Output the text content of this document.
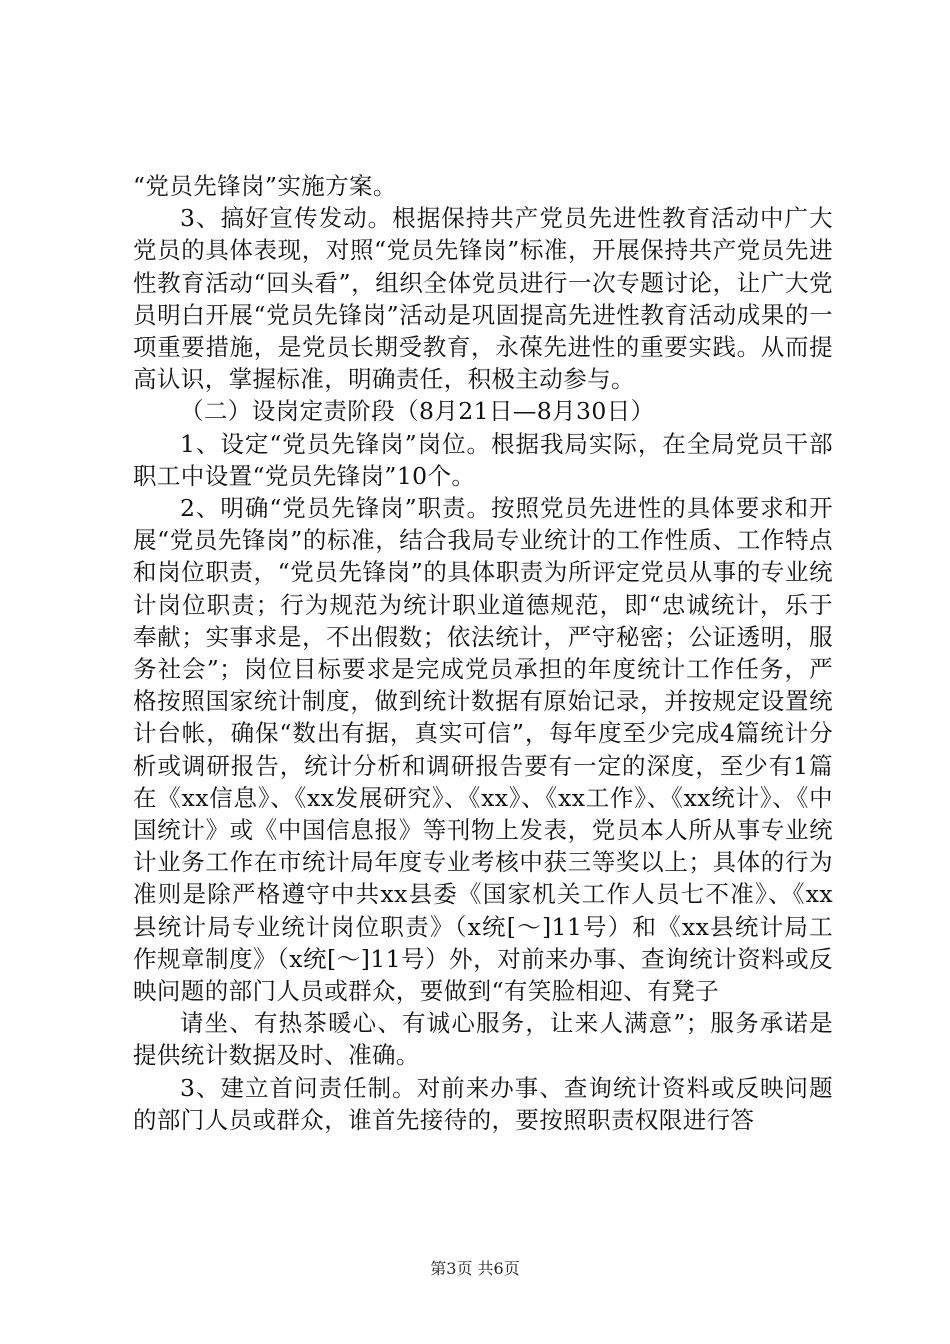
“党员先锋岗”实施方案。

3、搞好宣传发动。根据保持共产党员先进性教育活动中广大党员的具体表现，对照“党员先锋岗”标准，开展保持共产党员先进性教育活动“回头看”，组织全体党员进行一次专题讨论，让广大党员明白开展“党员先锋岗”活动是巩固提高先进性教育活动成果的一项重要措施，是党员长期受教育，永葆先进性的重要实践。从而提高认识，掌握标准，明确责任，积极主动参与。

（二）设岗定责阶段（8月21日—8月30日）

1、设定“党员先锋岗”岗位。根据我局实际，在全局党员干部职工中设置“党员先锋岗”10个。

2、明确“党员先锋岗”职责。按照党员先进性的具体要求和开展“党员先锋岗”的标准，结合我局专业统计的工作性质、工作特点和岗位职责，“党员先锋岗”的具体职责为所评定党员从事的专业统计岗位职责；行为规范为统计职业道德规范，即“忠诚统计，乐于奉献；实事求是，不出假数；依法统计，严守秘密；公证透明，服务社会”；岗位目标要求是完成党员承担的年度统计工作任务，严格按照国家统计制度，做到统计数据有原始记录，并按规定设置统计台帐，确保“数出有据，真实可信”，每年度至少完成4篇统计分析或调研报告，统计分析和调研报告要有一定的深度，至少有1篇在《xx信息》、《xx发展研究》、《xx》、《xx工作》、《xx统计》、《中国统计》或《中国信息报》等刊物上发表，党员本人所从事专业统计业务工作在市统计局年度专业考核中获三等奖以上；具体的行为准则是除严格遵守中共xx县委《国家机关工作人员七不准》、《xx县统计局专业统计岗位职责》（x统[～]11号）和《xx县统计局工作规章制度》（x统[～]11号）外，对前来办事、查询统计资料或反映问题的部门人员或群众，要做到“有笑脸相迎、有凳子

请坐、有热茶暖心、有诚心服务，让来人满意”；服务承诺是提供统计数据及时、准确。

3、建立首问责任制。对前来办事、查询统计资料或反映问题的部门人员或群众，谁首先接待的，要按照职责权限进行答

第3页 共6页
